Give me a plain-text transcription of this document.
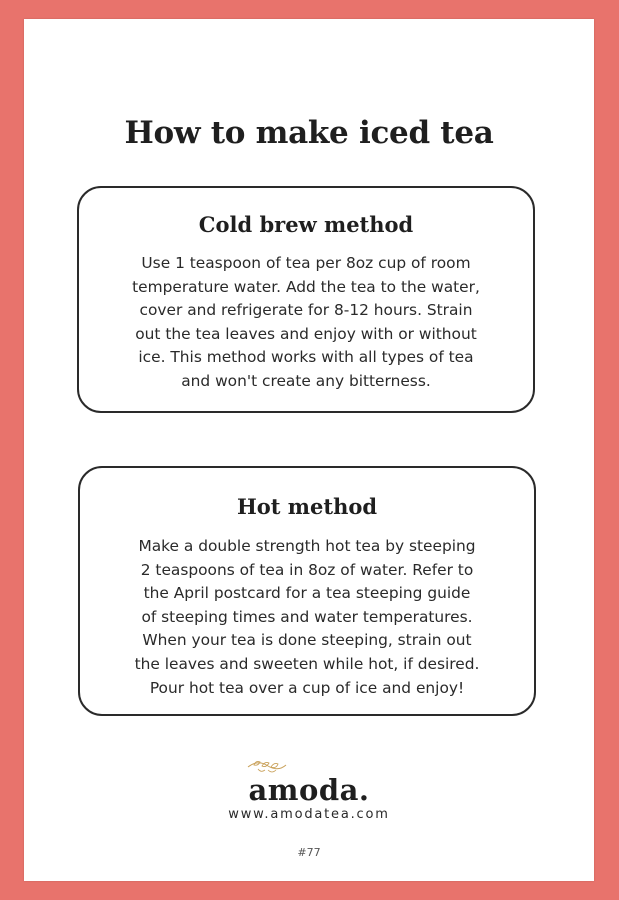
How to make iced tea
Cold brew method
Use 1 teaspoon of tea per 8oz cup of room
temperature water. Add the tea to the water,
cover and refrigerate for 8-12 hours. Strain
out the tea leaves and enjoy with or without
ice. This method works with all types of tea
and won't create any bitterness.
Hot method
Make a double strength hot tea by steeping
2 teaspoons of tea in 8oz of water. Refer to
the April postcard for a tea steeping guide
of steeping times and water temperatures.
When your tea is done steeping, strain out
the leaves and sweeten while hot, if desired.
Pour hot tea over a cup of ice and enjoy!
amoda.
www.amodatea.com
#77
